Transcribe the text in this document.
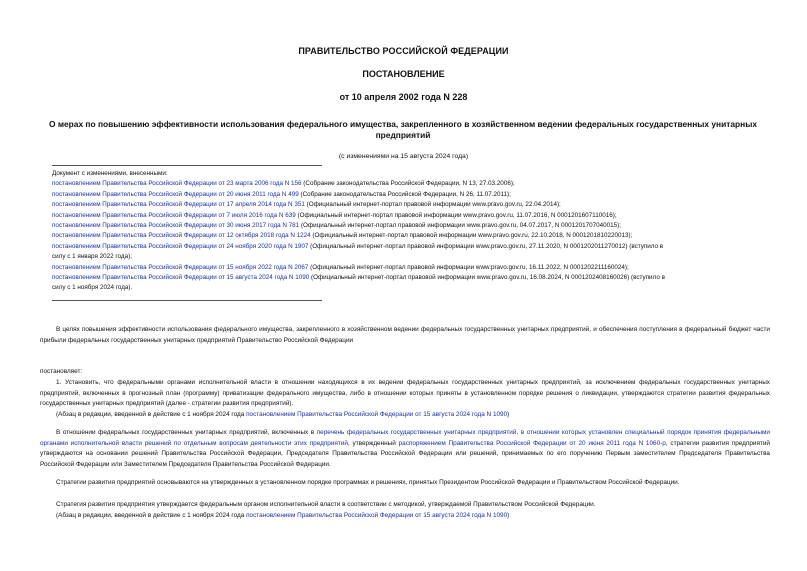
ПРАВИТЕЛЬСТВО РОССИЙСКОЙ ФЕДЕРАЦИИ
ПОСТАНОВЛЕНИЕ
от 10 апреля 2002 года N 228
О мерах по повышению эффективности использования федерального имущества, закрепленного в хозяйственном ведении федеральных государственных унитарных предприятий
(с изменениями на 15 августа 2024 года)
Документ с изменениями, внесенными:
постановлением Правительства Российской Федерации от 23 марта 2006 года N 156 (Собрание законодательства Российской Федерации, N 13, 27.03.2006);
постановлением Правительства Российской Федерации от 20 июня 2011 года N 499 (Собрание законодательства Российской Федерации, N 26, 11.07.2011);
постановлением Правительства Российской Федерации от 17 апреля 2014 года N 351 (Официальный интернет-портал правовой информации www.pravo.gov.ru, 22.04.2014);
постановлением Правительства Российской Федерации от 7 июля 2016 года N 639 (Официальный интернет-портал правовой информации www.pravo.gov.ru, 11.07.2016, N 0001201607110016);
постановлением Правительства Российской Федерации от 30 июня 2017 года N 781 (Официальный интернет-портал правовой информации www.pravo.gov.ru, 04.07.2017, N 0001201707040015);
постановлением Правительства Российской Федерации от 12 октября 2018 года N 1224 (Официальный интернет-портал правовой информации www.pravo.gov.ru, 22.10.2018, N 0001201810220013);
постановлением Правительства Российской Федерации от 24 ноября 2020 года N 1907 (Официальный интернет-портал правовой информации www.pravo.gov.ru, 27.11.2020, N 0001202011270012) (вступило в
силу с 1 января 2022 года);
постановлением Правительства Российской Федерации от 15 ноября 2022 года N 2067 (Официальный интернет-портал правовой информации www.pravo.gov.ru, 16.11.2022, N 0001202211160024);
постановлением Правительства Российской Федерации от 15 августа 2024 года N 1090 (Официальный интернет-портал правовой информации www.pravo.gov.ru, 16.08.2024, N 0001202408160026) (вступило в
силу с 1 ноября 2024 года).
В целях повышения эффективности использования федерального имущества, закрепленного в хозяйственном ведении федеральных государственных унитарных предприятий, и обеспечения поступления в федеральный бюджет части прибыли федеральных государственных унитарных предприятий Правительство Российской Федерации
постановляет:
1. Установить, что федеральными органами исполнительной власти в отношении находящихся в их ведении федеральных государственных унитарных предприятий, за исключением федеральных государственных унитарных предприятий, включенных в прогнозный план (программу) приватизации федерального имущества, либо в отношении которых приняты в установленном порядке решения о ликвидации, утверждаются стратегии развития федеральных государственных унитарных предприятий (далее - стратегии развития предприятий).
(Абзац в редакции, введенной в действие с 1 ноября 2024 года постановлением Правительства Российской Федерации от 15 августа 2024 года N 1090)
В отношении федеральных государственных унитарных предприятий, включенных в перечень федеральных государственных унитарных предприятий, в отношении которых установлен специальный порядок принятия федеральными органами исполнительной власти решений по отдельным вопросам деятельности этих предприятий, утвержденный распоряжением Правительства Российской Федерации от 20 июня 2011 года N 1060-р, стратегии развития предприятий утверждаются на основании решений Правительства Российской Федерации, Председателя Правительства Российской Федерации или решений, принимаемых по его поручению Первым заместителем Председателя Правительства Российской Федерации или Заместителем Председателя Правительства Российской Федерации.
Стратегии развития предприятий основываются на утвержденных в установленном порядке программах и решениях, принятых Президентом Российской Федерации и Правительством Российской Федерации.
Стратегия развития предприятия утверждается федеральным органом исполнительной власти в соответствии с методикой, утверждаемой Правительством Российской Федерации.
(Абзац в редакции, введенной в действие с 1 ноября 2024 года постановлением Правительства Российской Федерации от 15 августа 2024 года N 1090)
